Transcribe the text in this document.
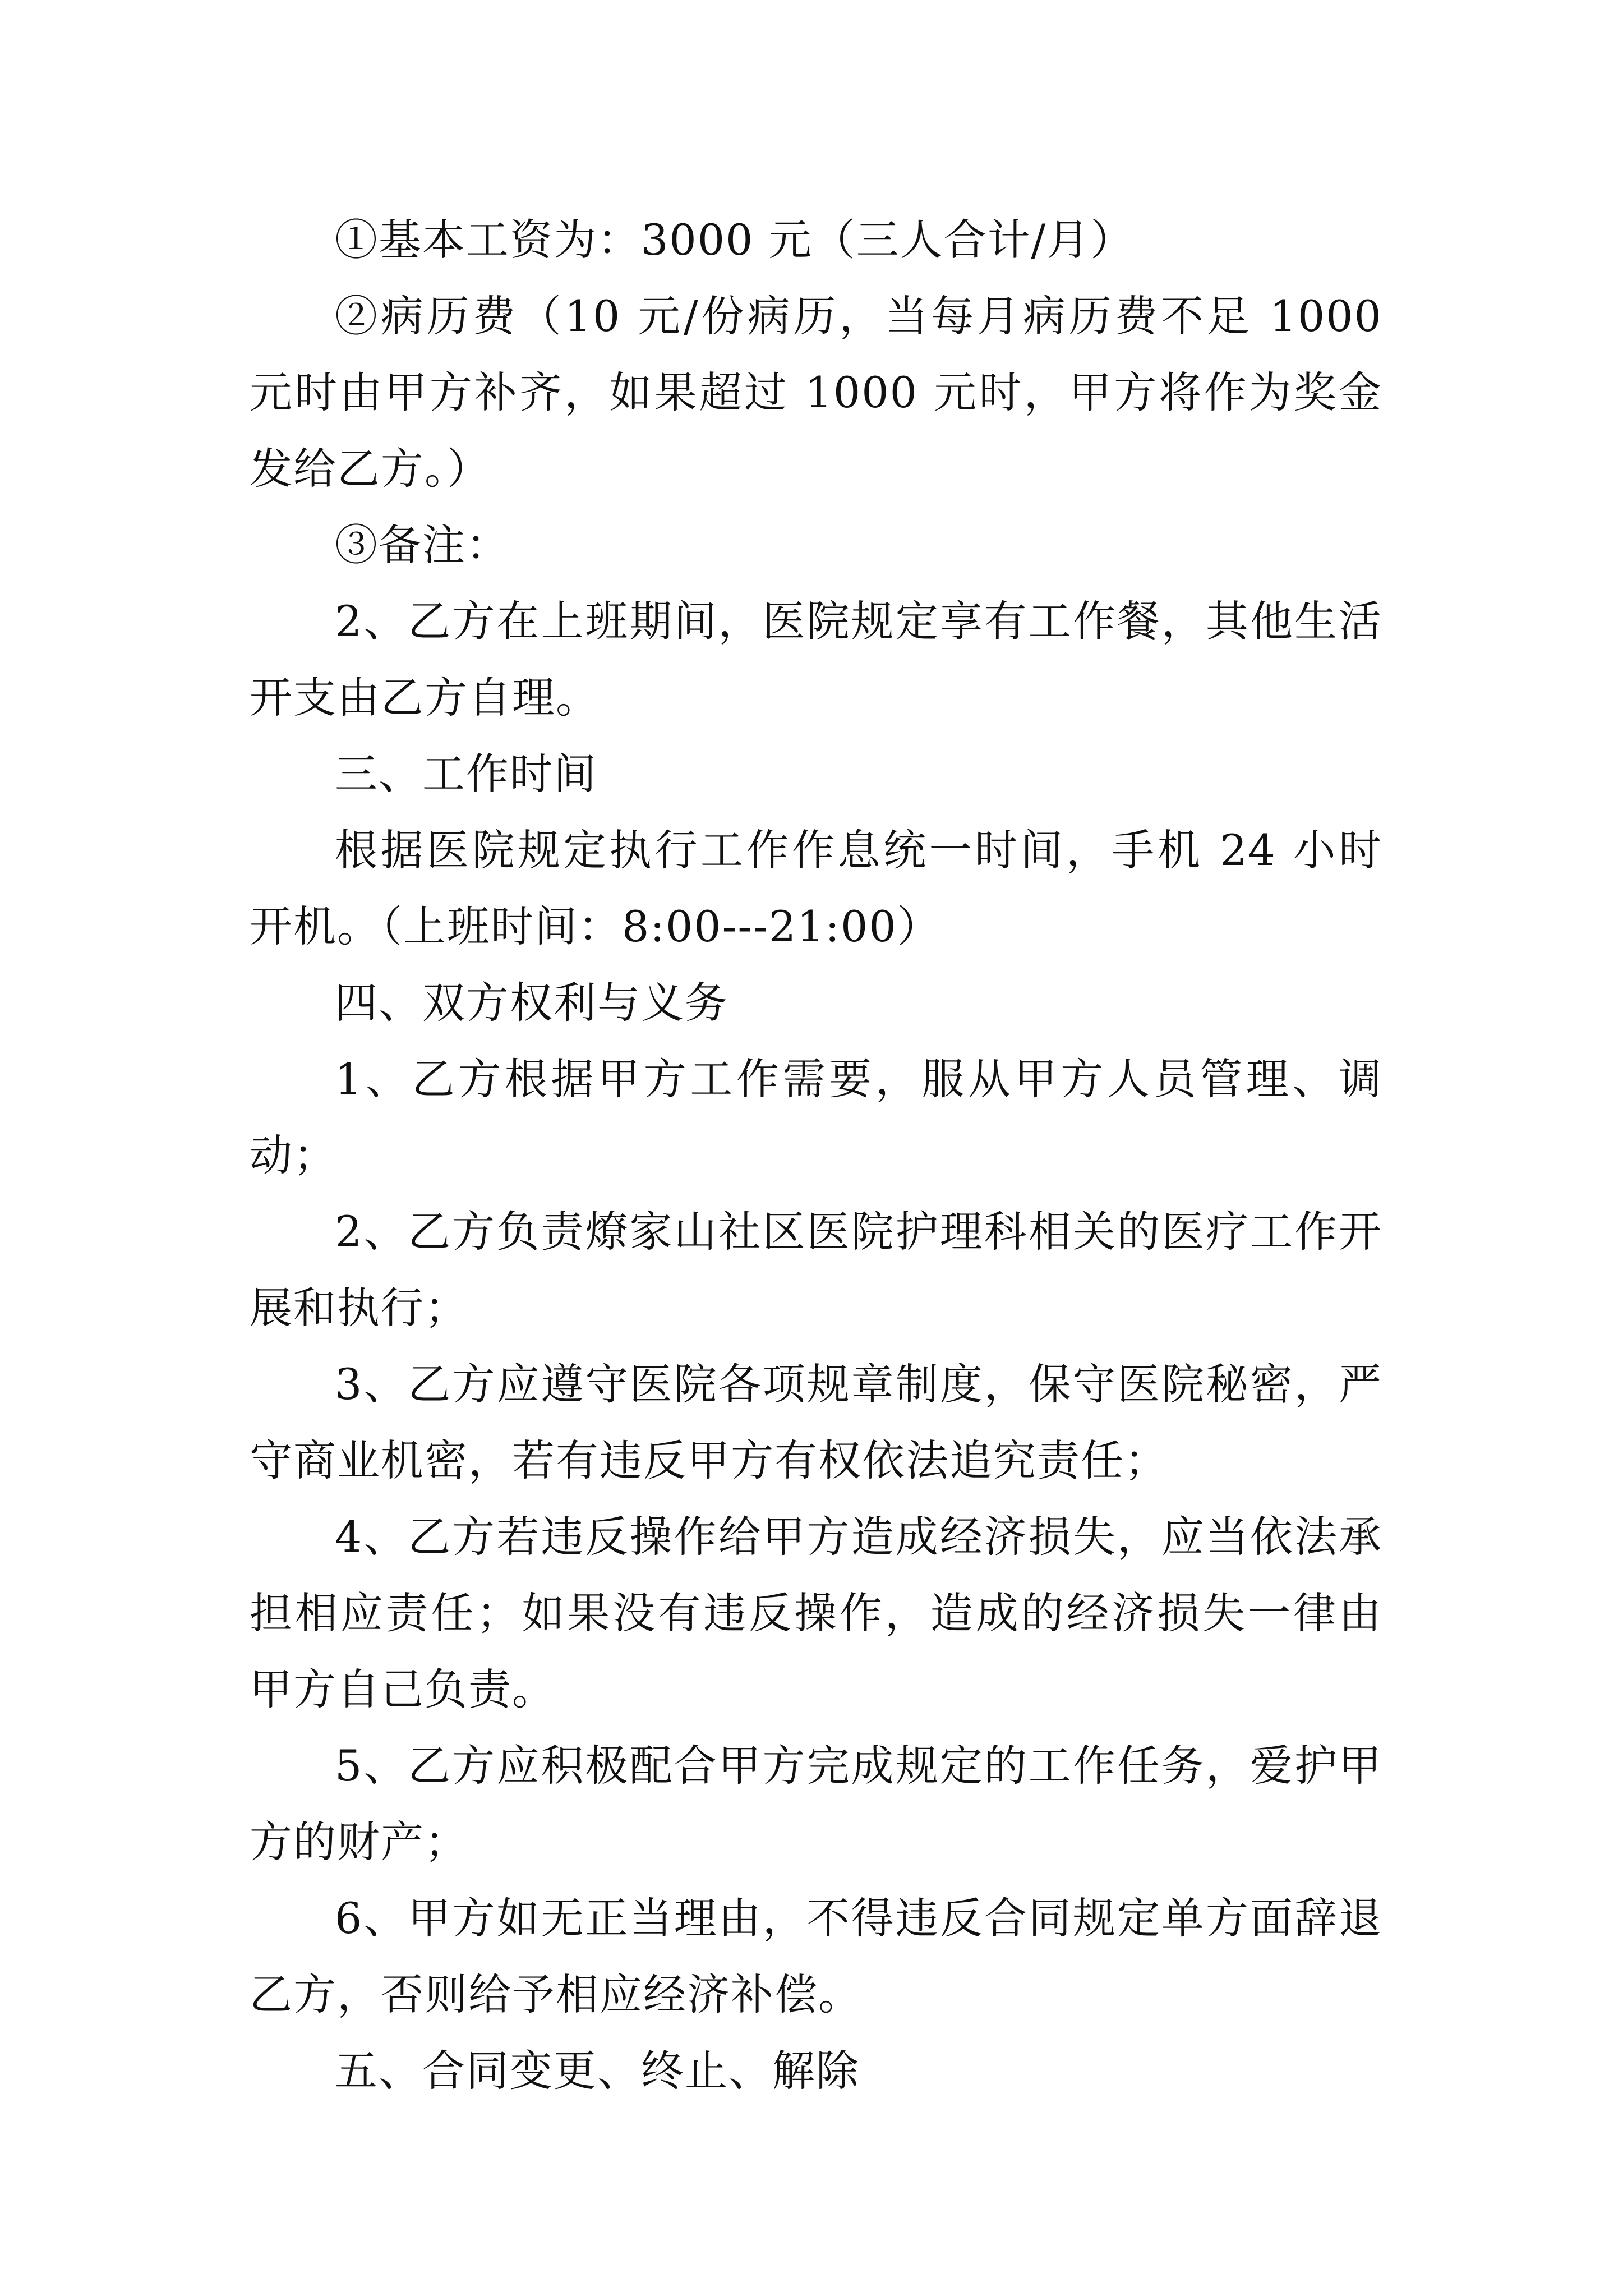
①基本工资为：3000 元（三人合计/月）

②病历费（10 元/份病历，当每月病历费不足 1000 元时由甲方补齐，如果超过 1000 元时，甲方将作为奖金发给乙方。）

③备注：

2、乙方在上班期间，医院规定享有工作餐，其他生活开支由乙方自理。

三、工作时间

根据医院规定执行工作作息统一时间，手机 24 小时开机。（上班时间：8:00---21:00）

四、双方权利与义务

1、乙方根据甲方工作需要，服从甲方人员管理、调动；

2、乙方负责燎家山社区医院护理科相关的医疗工作开展和执行；

3、乙方应遵守医院各项规章制度，保守医院秘密，严守商业机密，若有违反甲方有权依法追究责任；

4、乙方若违反操作给甲方造成经济损失，应当依法承担相应责任；如果没有违反操作，造成的经济损失一律由甲方自己负责。

5、乙方应积极配合甲方完成规定的工作任务，爱护甲方的财产；

6、甲方如无正当理由，不得违反合同规定单方面辞退乙方，否则给予相应经济补偿。

五、合同变更、终止、解除
